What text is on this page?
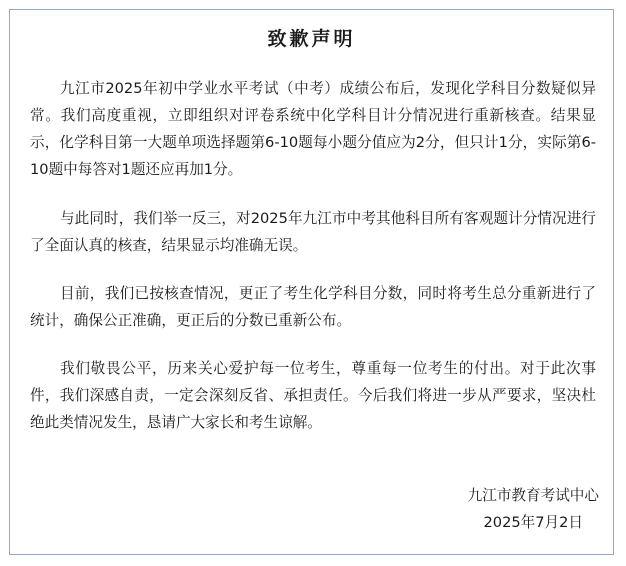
致歉声明

九江市2025年初中学业水平考试（中考）成绩公布后，发现化学科目分数疑似异常。我们高度重视，立即组织对评卷系统中化学科目计分情况进行重新核查。结果显示，化学科目第一大题单项选择题第6-10题每小题分值应为2分，但只计1分，实际第6-10题中每答对1题还应再加1分。

与此同时，我们举一反三，对2025年九江市中考其他科目所有客观题计分情况进行了全面认真的核查，结果显示均准确无误。

目前，我们已按核查情况，更正了考生化学科目分数，同时将考生总分重新进行了统计，确保公正准确，更正后的分数已重新公布。

我们敬畏公平，历来关心爱护每一位考生，尊重每一位考生的付出。对于此次事件，我们深感自责，一定会深刻反省、承担责任。今后我们将进一步从严要求，坚决杜绝此类情况发生，恳请广大家长和考生谅解。

九江市教育考试中心
2025年7月2日
